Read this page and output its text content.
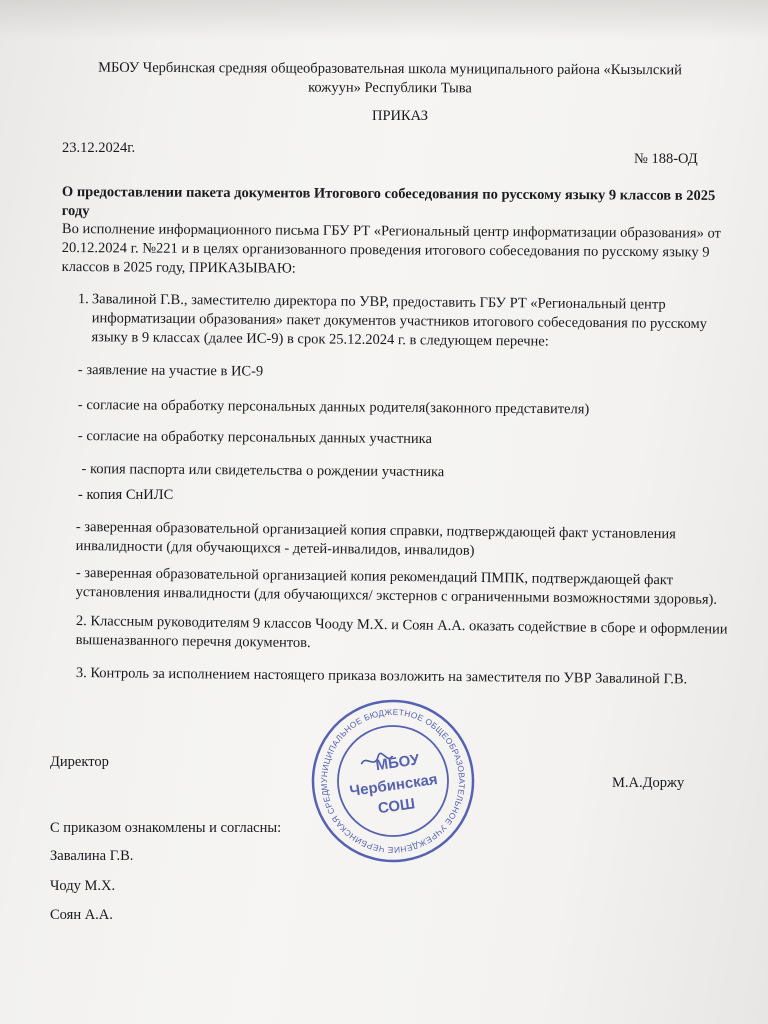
МБОУ Чербинская средняя общеобразовательная школа муниципального района «Кызылский
кожуун» Республики Тыва
ПРИКАЗ
23.12.2024г.
№ 188-ОД
О предоставлении пакета документов Итогового собеседования по русскому языку 9 классов в 2025
году
Во исполнение информационного письма ГБУ РТ «Региональный центр информатизации образования» от
20.12.2024 г. №221 и в целях организованного проведения итогового собеседования по русскому языку 9
классов в 2025 году, ПРИКАЗЫВАЮ:
1. Завалиной Г.В., заместителю директора по УВР, предоставить ГБУ РТ «Региональный центр
информатизации образования» пакет документов участников итогового собеседования по русскому
языку в 9 классах (далее ИС-9) в срок 25.12.2024 г. в следующем перечне:
- заявление на участие в ИС-9
- согласие на обработку персональных данных родителя(законного представителя)
- согласие на обработку персональных данных участника
- копия паспорта или свидетельства о рождении участника
- копия СнИЛС
- заверенная образовательной организацией копия справки, подтверждающей факт установления
инвалидности (для обучающихся - детей-инвалидов, инвалидов)
- заверенная образовательной организацией копия рекомендаций ПМПК, подтверждающей факт
установления инвалидности (для обучающихся/ экстернов с ограниченными возможностями здоровья).
2. Классным руководителям 9 классов Чооду М.Х. и Соян А.А. оказать содействие в сборе и оформлении
вышеназванного перечня документов.
3. Контроль за исполнением настоящего приказа возложить на заместителя по УВР Завалиной Г.В.
Директор
М.А.Доржу
МУНИЦИПАЛЬНОЕ БЮДЖЕТНОЕ ОБЩЕОБРАЗОВАТЕЛЬНОЕ УЧРЕЖДЕНИЕ ЧЕРБИНСКАЯ СРЕДНЯЯ ОБЩЕОБРАЗОВАТЕЛЬНАЯ ШКОЛА МУНИЦИПАЛЬНОГО РАЙОНА КЫЗЫЛСКИЙ КОЖУУН РЕСПУБЛИКИ ТЫВА ОГРН 1021700728490 ИНН 1705001276
МБОУ
Чербинская
СОШ
С приказом ознакомлены и согласны:
Завалина Г.В.
Чоду М.Х.
Соян А.А.
